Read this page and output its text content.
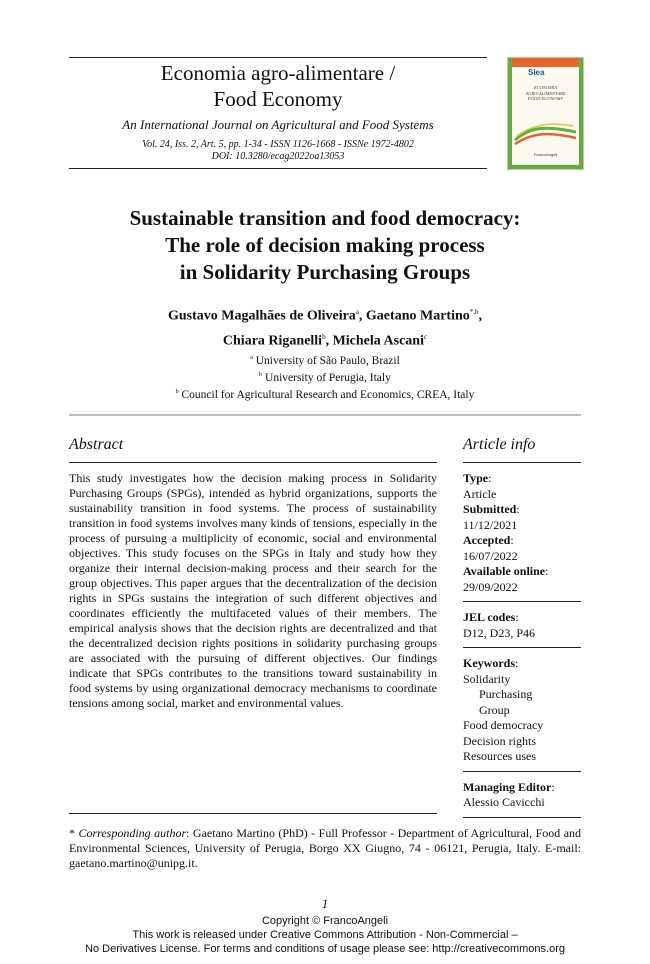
Economia agro-alimentare /
Food Economy
An International Journal on Agricultural and Food Systems
Vol. 24, Iss. 2, Art. 5, pp. 1-34 - ISSN 1126-1668 - ISSNe 1972-4802
DOI: 10.3280/ecag2022oa13053
Siea
ECONOMIA
AGRO-ALIMENTARE
FOOD ECONOMY
FrancoAngeli
Sustainable transition and food democracy:
The role of decision making process
in Solidarity Purchasing Groups
Gustavo Magalhães de Oliveira$^a$, Gaetano Martino$^{*,b}$,
Chiara Riganelli$^b$, Michela Ascani$^c$
$^a$ University of São Paulo, Brazil
$^b$ University of Perugia, Italy
$^b$ Council for Agricultural Research and Economics, CREA, Italy
Abstract
This study investigates how the decision making process in Solidarity Purchasing Groups (SPGs), intended as hybrid organizations, supports the sustainability transition in food systems. The process of sustainability transition in food systems involves many kinds of tensions, especially in the process of pursuing a multiplicity of economic, social and environmental objectives. This study focuses on the SPGs in Italy and study how they organize their internal decision-making process and their search for the group objectives. This paper argues that the decentralization of the decision rights in SPGs sustains the integration of such different objectives and coordinates efficiently the multifaceted values of their members. The empirical analysis shows that the decision rights are decentralized and that the decentralized decision rights positions in solidarity purchasing groups are associated with the pursuing of different objectives. Our findings indicate that SPGs contributes to the transitions toward sustainability in food systems by using organizational democracy mechanisms to coordinate tensions among social, market and environmental values.
Article info
Type:
Article
Submitted:
11/12/2021
Accepted:
16/07/2022
Available online:
29/09/2022
JEL codes:
D12, D23, P46
Keywords:
Solidarity
Purchasing
Group
Food democracy
Decision rights
Resources uses
Managing Editor:
Alessio Cavicchi
* Corresponding author: Gaetano Martino (PhD) - Full Professor - Department of Agricultural, Food and Environmental Sciences, University of Perugia, Borgo XX Giugno, 74 - 06121, Perugia, Italy. E-mail: gaetano.martino@unipg.it.
1
Copyright © FrancoAngeli
This work is released under Creative Commons Attribution - Non-Commercial –
No Derivatives License. For terms and conditions of usage please see: http://creativecommons.org
